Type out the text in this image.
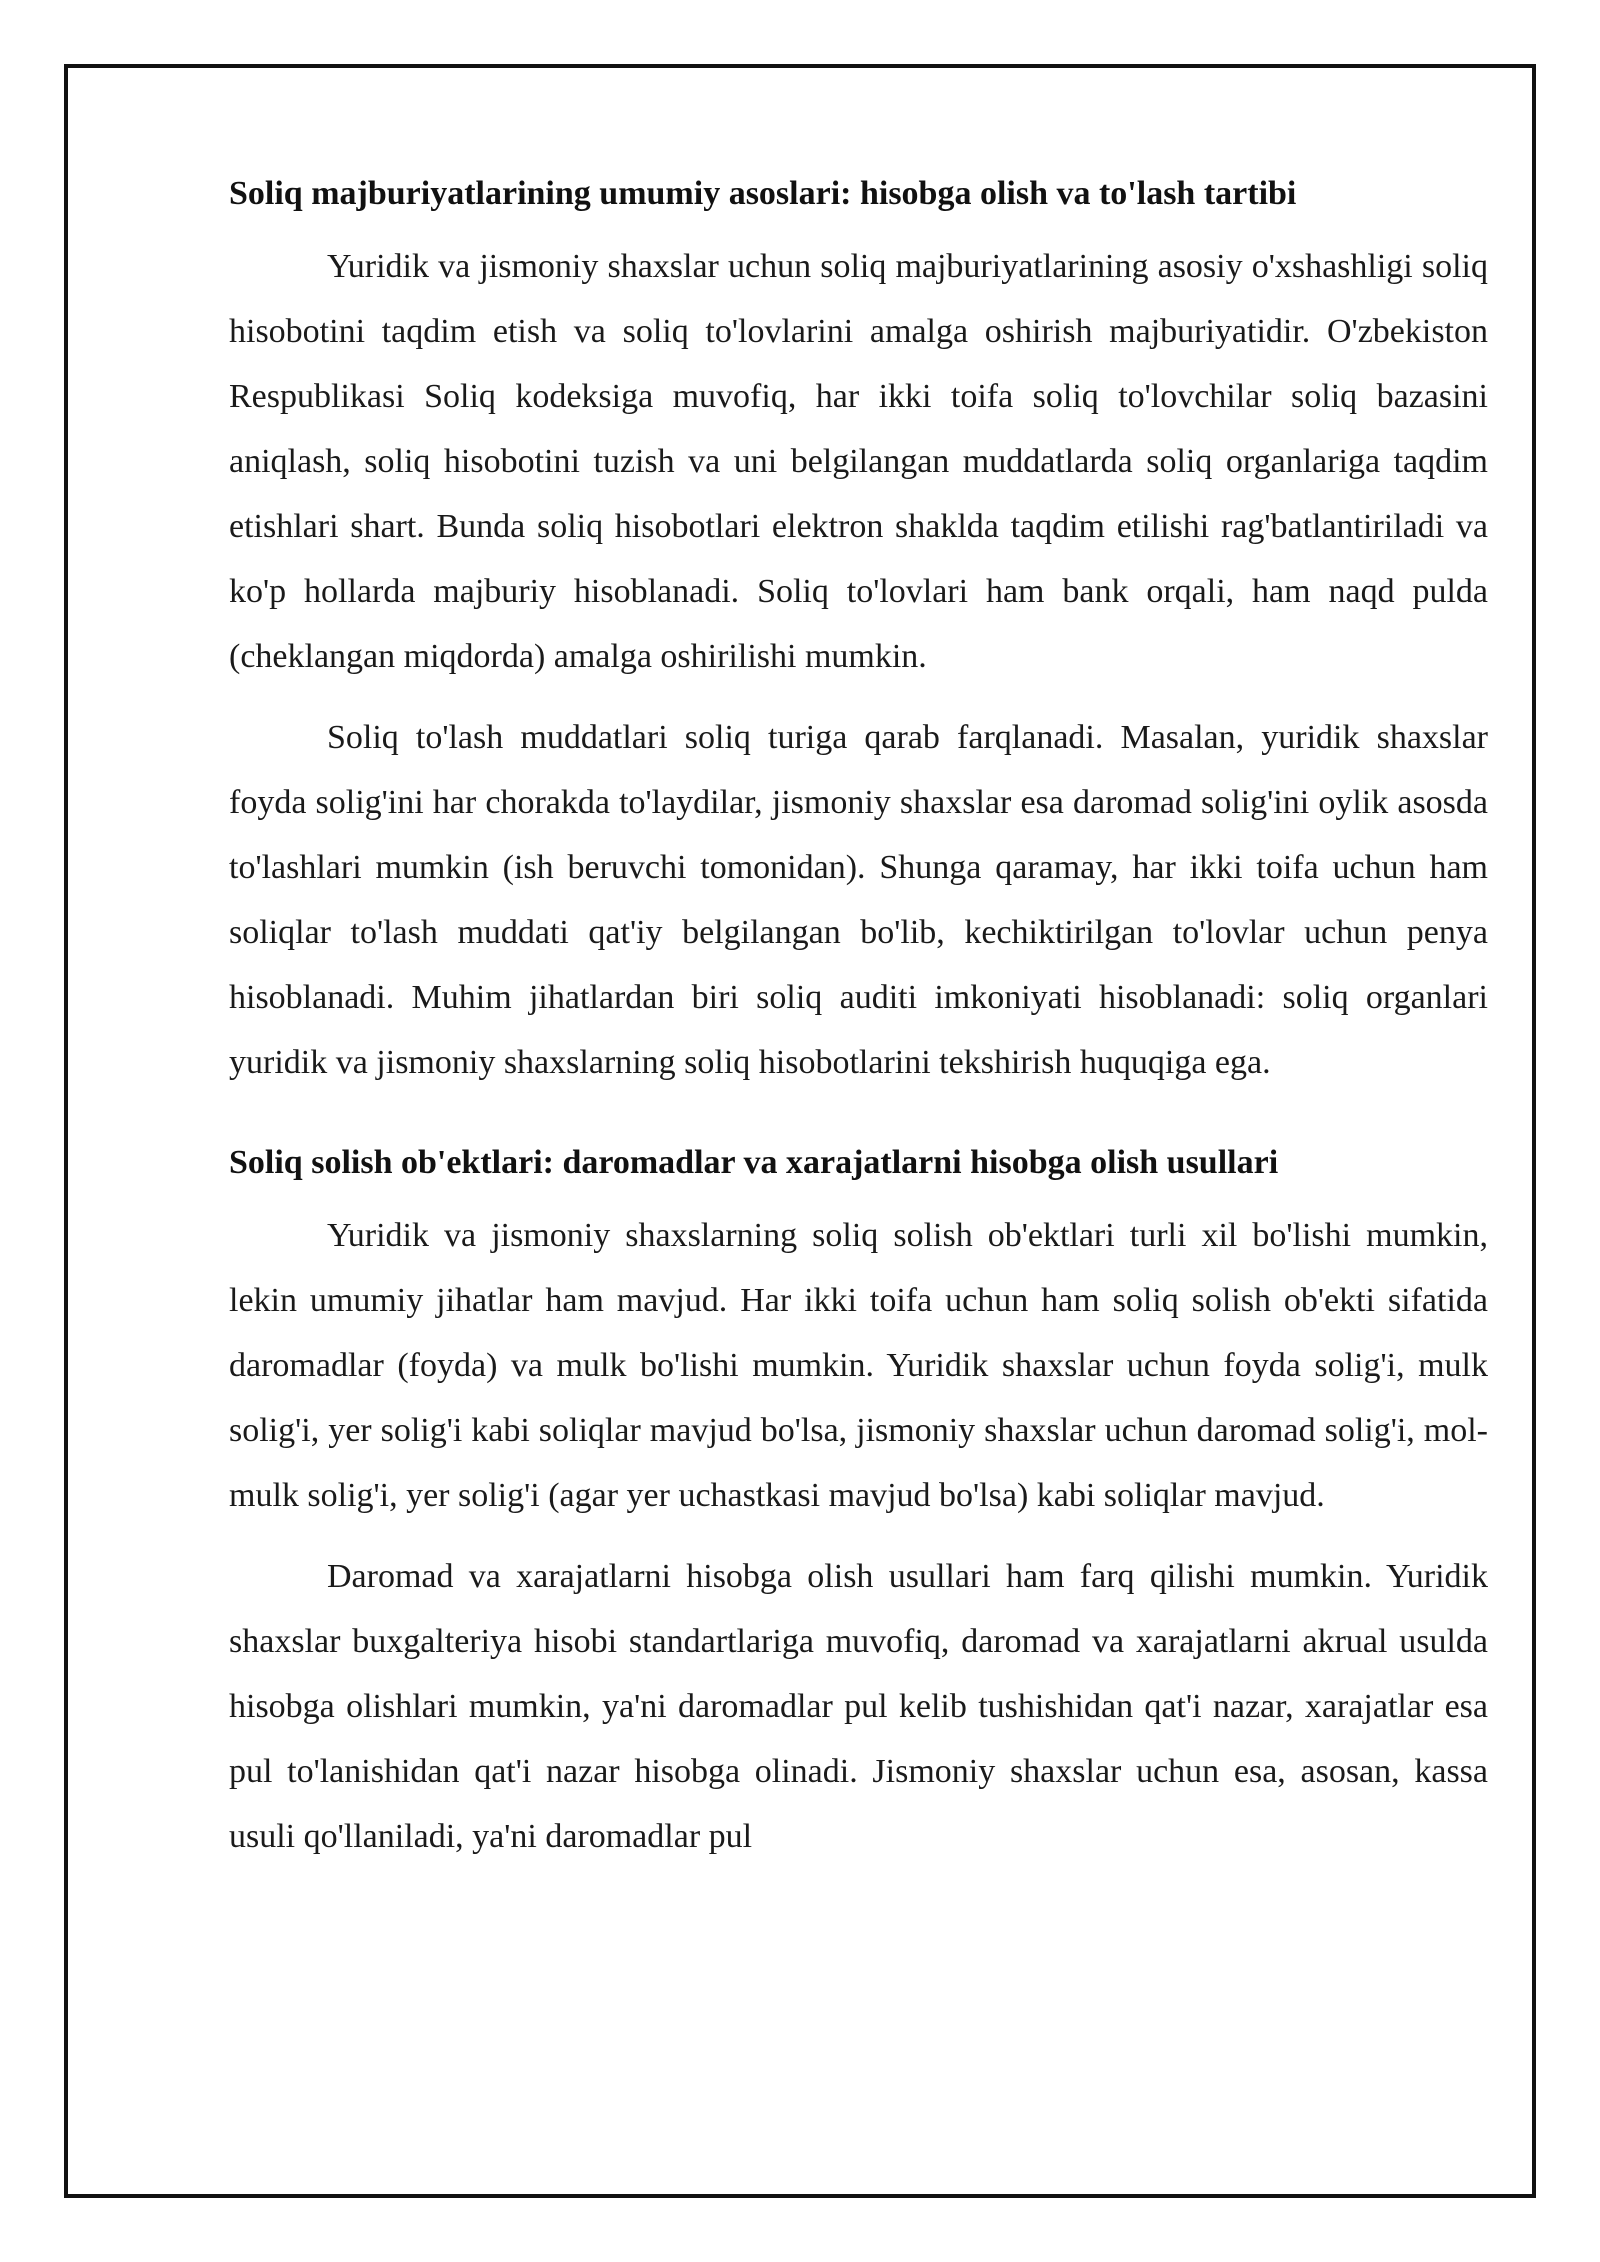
Soliq majburiyatlarining umumiy asoslari: hisobga olish va to'lash tartibi

Yuridik va jismoniy shaxslar uchun soliq majburiyatlarining asosiy o'xshashligi soliq hisobotini taqdim etish va soliq to'lovlarini amalga oshirish majburiyatidir. O'zbekiston Respublikasi Soliq kodeksiga muvofiq, har ikki toifa soliq to'lovchilar soliq bazasini aniqlash, soliq hisobotini tuzish va uni belgilangan muddatlarda soliq organlariga taqdim etishlari shart. Bunda soliq hisobotlari elektron shaklda taqdim etilishi rag'batlantiriladi va ko'p hollarda majburiy hisoblanadi. Soliq to'lovlari ham bank orqali, ham naqd pulda (cheklangan miqdorda) amalga oshirilishi mumkin.

Soliq to'lash muddatlari soliq turiga qarab farqlanadi. Masalan, yuridik shaxslar foyda solig'ini har chorakda to'laydilar, jismoniy shaxslar esa daromad solig'ini oylik asosda to'lashlari mumkin (ish beruvchi tomonidan). Shunga qaramay, har ikki toifa uchun ham soliqlar to'lash muddati qat'iy belgilangan bo'lib, kechiktirilgan to'lovlar uchun penya hisoblanadi. Muhim jihatlardan biri soliq auditi imkoniyati hisoblanadi: soliq organlari yuridik va jismoniy shaxslarning soliq hisobotlarini tekshirish huquqiga ega.

Soliq solish ob'ektlari: daromadlar va xarajatlarni hisobga olish usullari

Yuridik va jismoniy shaxslarning soliq solish ob'ektlari turli xil bo'lishi mumkin, lekin umumiy jihatlar ham mavjud. Har ikki toifa uchun ham soliq solish ob'ekti sifatida daromadlar (foyda) va mulk bo'lishi mumkin. Yuridik shaxslar uchun foyda solig'i, mulk solig'i, yer solig'i kabi soliqlar mavjud bo'lsa, jismoniy shaxslar uchun daromad solig'i, mol-mulk solig'i, yer solig'i (agar yer uchastkasi mavjud bo'lsa) kabi soliqlar mavjud.

Daromad va xarajatlarni hisobga olish usullari ham farq qilishi mumkin. Yuridik shaxslar buxgalteriya hisobi standartlariga muvofiq, daromad va xarajatlarni akrual usulda hisobga olishlari mumkin, ya'ni daromadlar pul kelib tushishidan qat'i nazar, xarajatlar esa pul to'lanishidan qat'i nazar hisobga olinadi. Jismoniy shaxslar uchun esa, asosan, kassa usuli qo'llaniladi, ya'ni daromadlar pul
